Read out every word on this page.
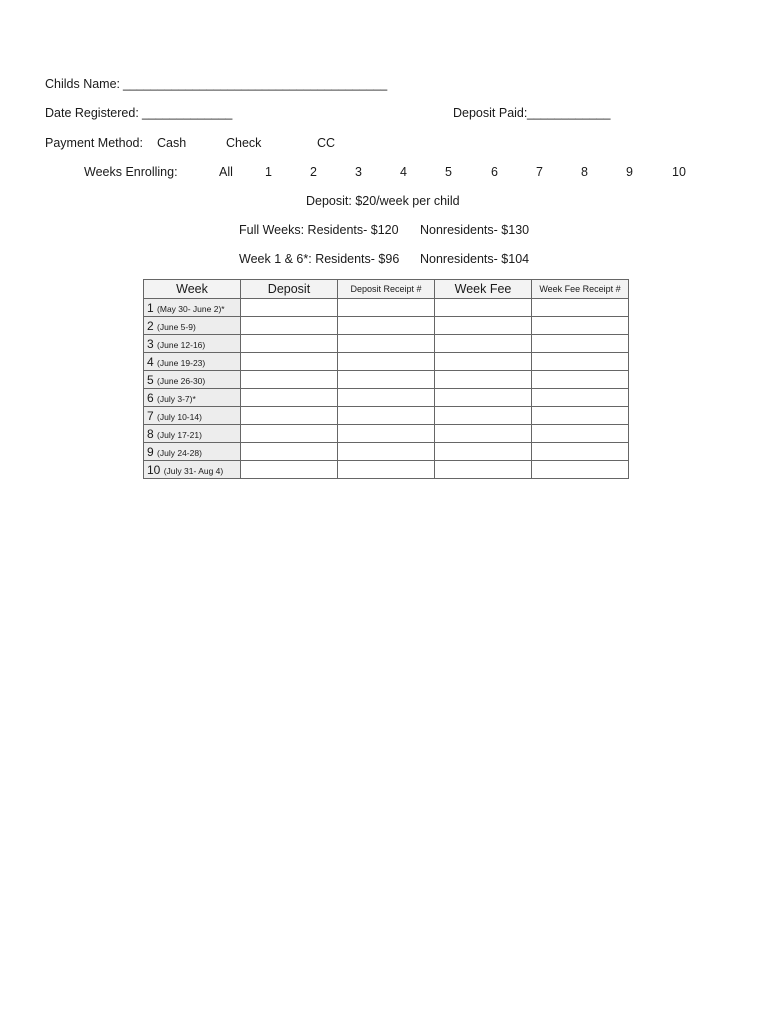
Childs Name: ______________________________________
Date Registered: _____________	Deposit Paid: ____________
Payment Method: Cash	Check	CC
Weeks Enrolling:	All	1	2	3	4	5	6	7	8	9	10
Deposit: $20/week per child
Full Weeks: Residents- $120 Nonresidents- $130
Week 1 & 6*: Residents- $96 Nonresidents- $104
Week	Deposit	Deposit Receipt #	Week Fee	Week Fee Receipt #
1 (May 30- June 2)*				
2 (June 5-9)				
3 (June 12-16)				
4 (June 19-23)				
5 (June 26-30)				
6 (July 3-7)*				
7 (July 10-14)				
8 (July 17-21)				
9 (July 24-28)				
10 (July 31- Aug 4)				
